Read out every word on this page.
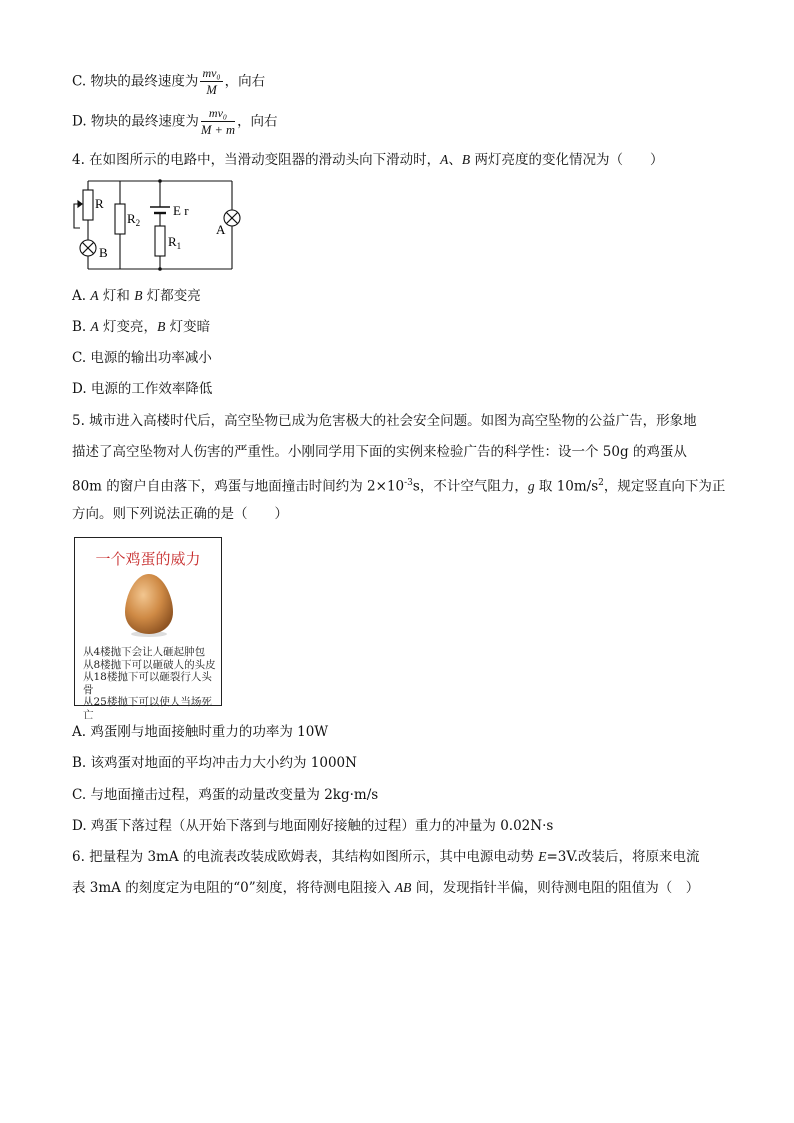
C. 物块的最终速度为 $\frac{\text{mv₀}}{M}$ ，向右
D. 物块的最终速度为 $\frac{\text{mv₀}}{M + m}$ ，向右
4. 在如图所示的电路中，当滑动变阻器的滑动头向下滑动时，A、B 两灯亮度的变化情况为（　　）
R
$R_2$
E r
$R_1$
A
B
A. A 灯和 B 灯都变亮
B. A 灯变亮，B 灯变暗
C. 电源的输出功率减小
D. 电源的工作效率降低
5. 城市进入高楼时代后，高空坠物已成为危害极大的社会安全问题。如图为高空坠物的公益广告，形象地
描述了高空坠物对人伤害的严重性。小刚同学用下面的实例来检验广告的科学性：设一个 50g 的鸡蛋从
80m 的窗户自由落下，鸡蛋与地面撞击时间约为 $2\times 10^{-3}s$，不计空气阻力，g 取 $10m/s^2$，规定竖直向下为正
方向。则下列说法正确的是（　　）
一个鸡蛋的威力
从4楼抛下会让人砸起肿包
从8楼抛下可以砸破人的头皮
从18楼抛下可以砸裂行人头骨
从25楼抛下可以使人当场死亡
A. 鸡蛋刚与地面接触时重力的功率为 10W
B. 该鸡蛋对地面的平均冲击力大小约为 1000N
C. 与地面撞击过程，鸡蛋的动量改变量为 2kg·m/s
D. 鸡蛋下落过程（从开始下落到与地面刚好接触的过程）重力的冲量为 0.02N·s
6. 把量程为 3mA 的电流表改装成欧姆表，其结构如图所示，其中电源电动势 E=3V.改装后，将原来电流
表 3mA 的刻度定为电阻的“0”刻度，将待测电阻接入 AB 间，发现指针半偏，则待测电阻的阻值为（　）
